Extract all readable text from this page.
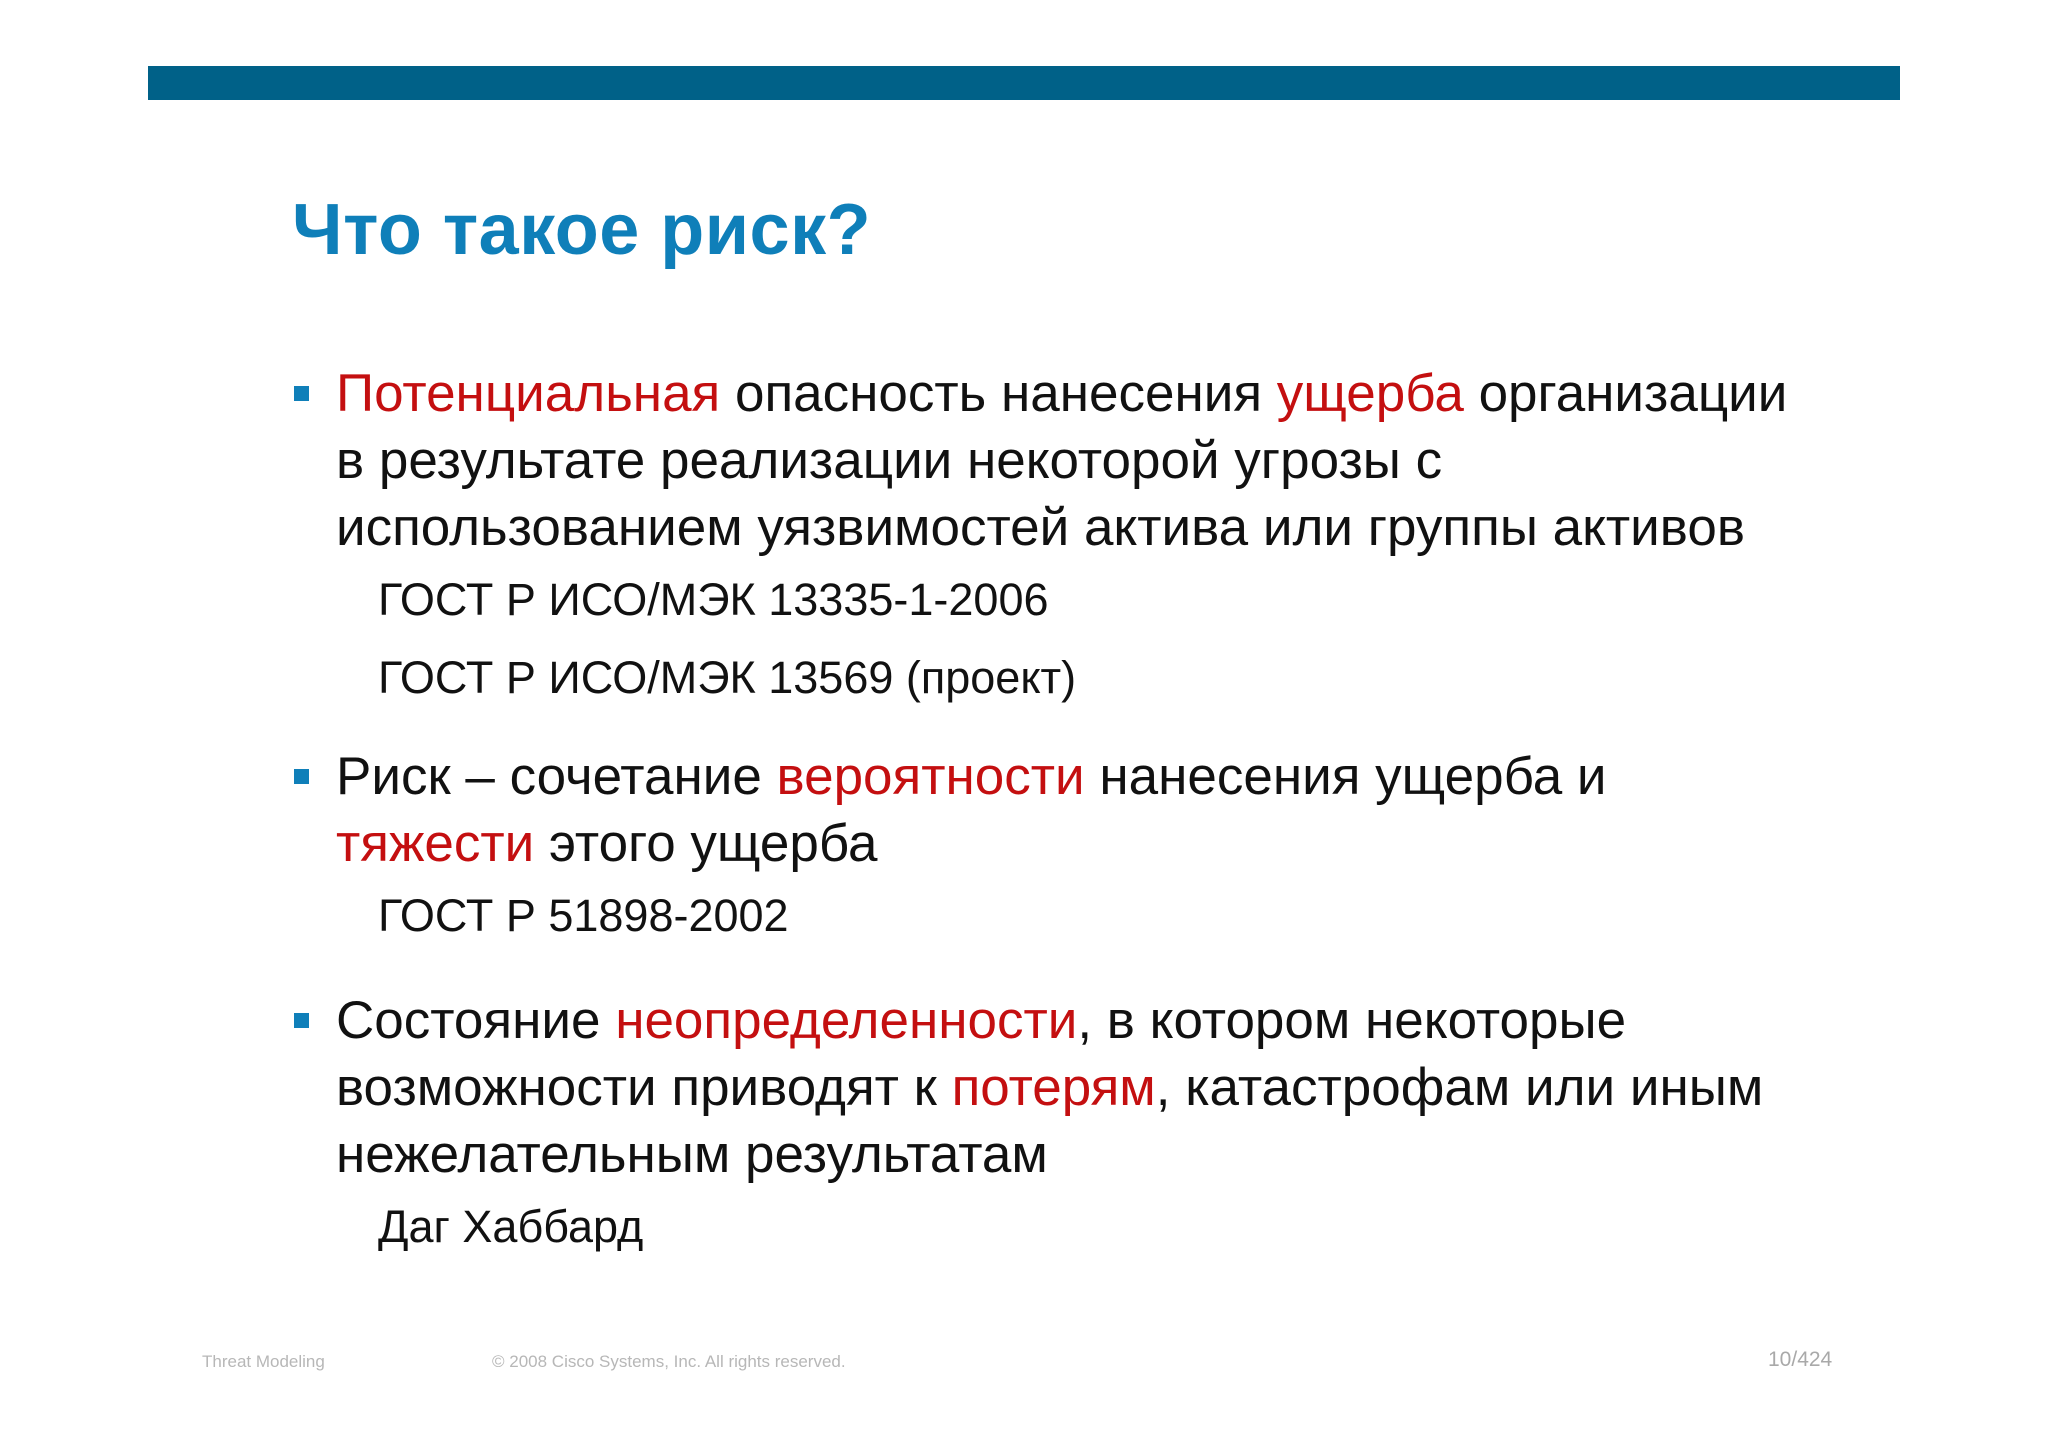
Что такое риск?
Потенциальная опасность нанесения ущерба организации в результате реализации некоторой угрозы с использованием уязвимостей актива или группы активов
ГОСТ Р ИСО/МЭК 13335-1-2006
ГОСТ Р ИСО/МЭК 13569 (проект)
Риск – сочетание вероятности нанесения ущерба и тяжести этого ущерба
ГОСТ Р 51898-2002
Состояние неопределенности, в котором некоторые возможности приводят к потерям, катастрофам или иным нежелательным результатам
Даг Хаббард
Threat Modeling	© 2008 Cisco Systems, Inc. All rights reserved.	10/424
